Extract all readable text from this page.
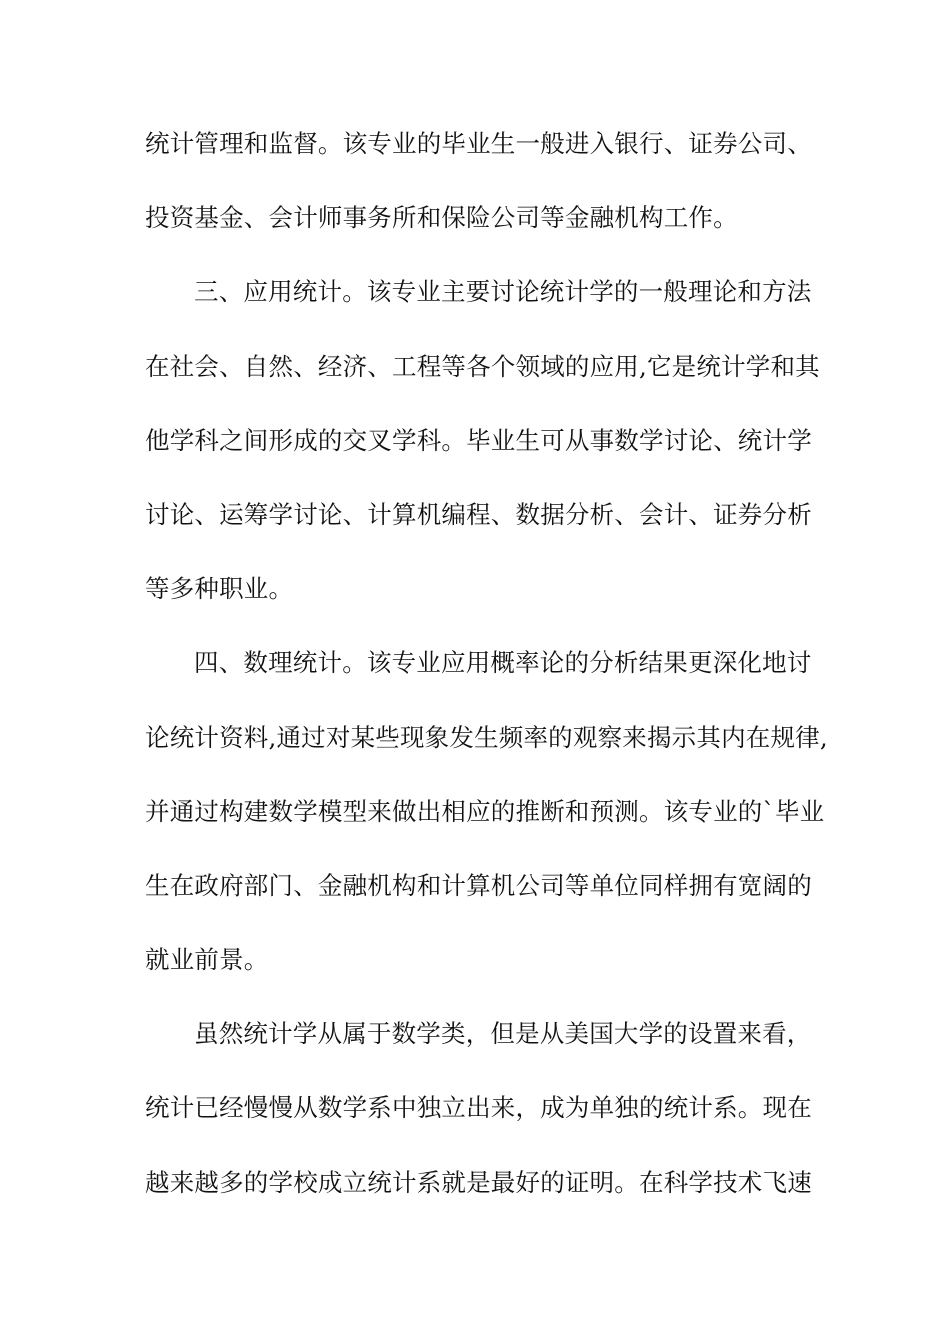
统计管理和监督。该专业的毕业生一般进入银行、证券公司、
投资基金、会计师事务所和保险公司等金融机构工作。
三、应用统计。该专业主要讨论统计学的一般理论和方法
在社会、自然、经济、工程等各个领域的应用,它是统计学和其
他学科之间形成的交叉学科。毕业生可从事数学讨论、统计学
讨论、运筹学讨论、计算机编程、数据分析、会计、证券分析
等多种职业。
四、数理统计。该专业应用概率论的分析结果更深化地讨
论统计资料,通过对某些现象发生频率的观察来揭示其内在规律,
并通过构建数学模型来做出相应的推断和预测。该专业的`毕业
生在政府部门、金融机构和计算机公司等单位同样拥有宽阔的
就业前景。
虽然统计学从属于数学类，但是从美国大学的设置来看，
统计已经慢慢从数学系中独立出来，成为单独的统计系。现在
越来越多的学校成立统计系就是最好的证明。在科学技术飞速
